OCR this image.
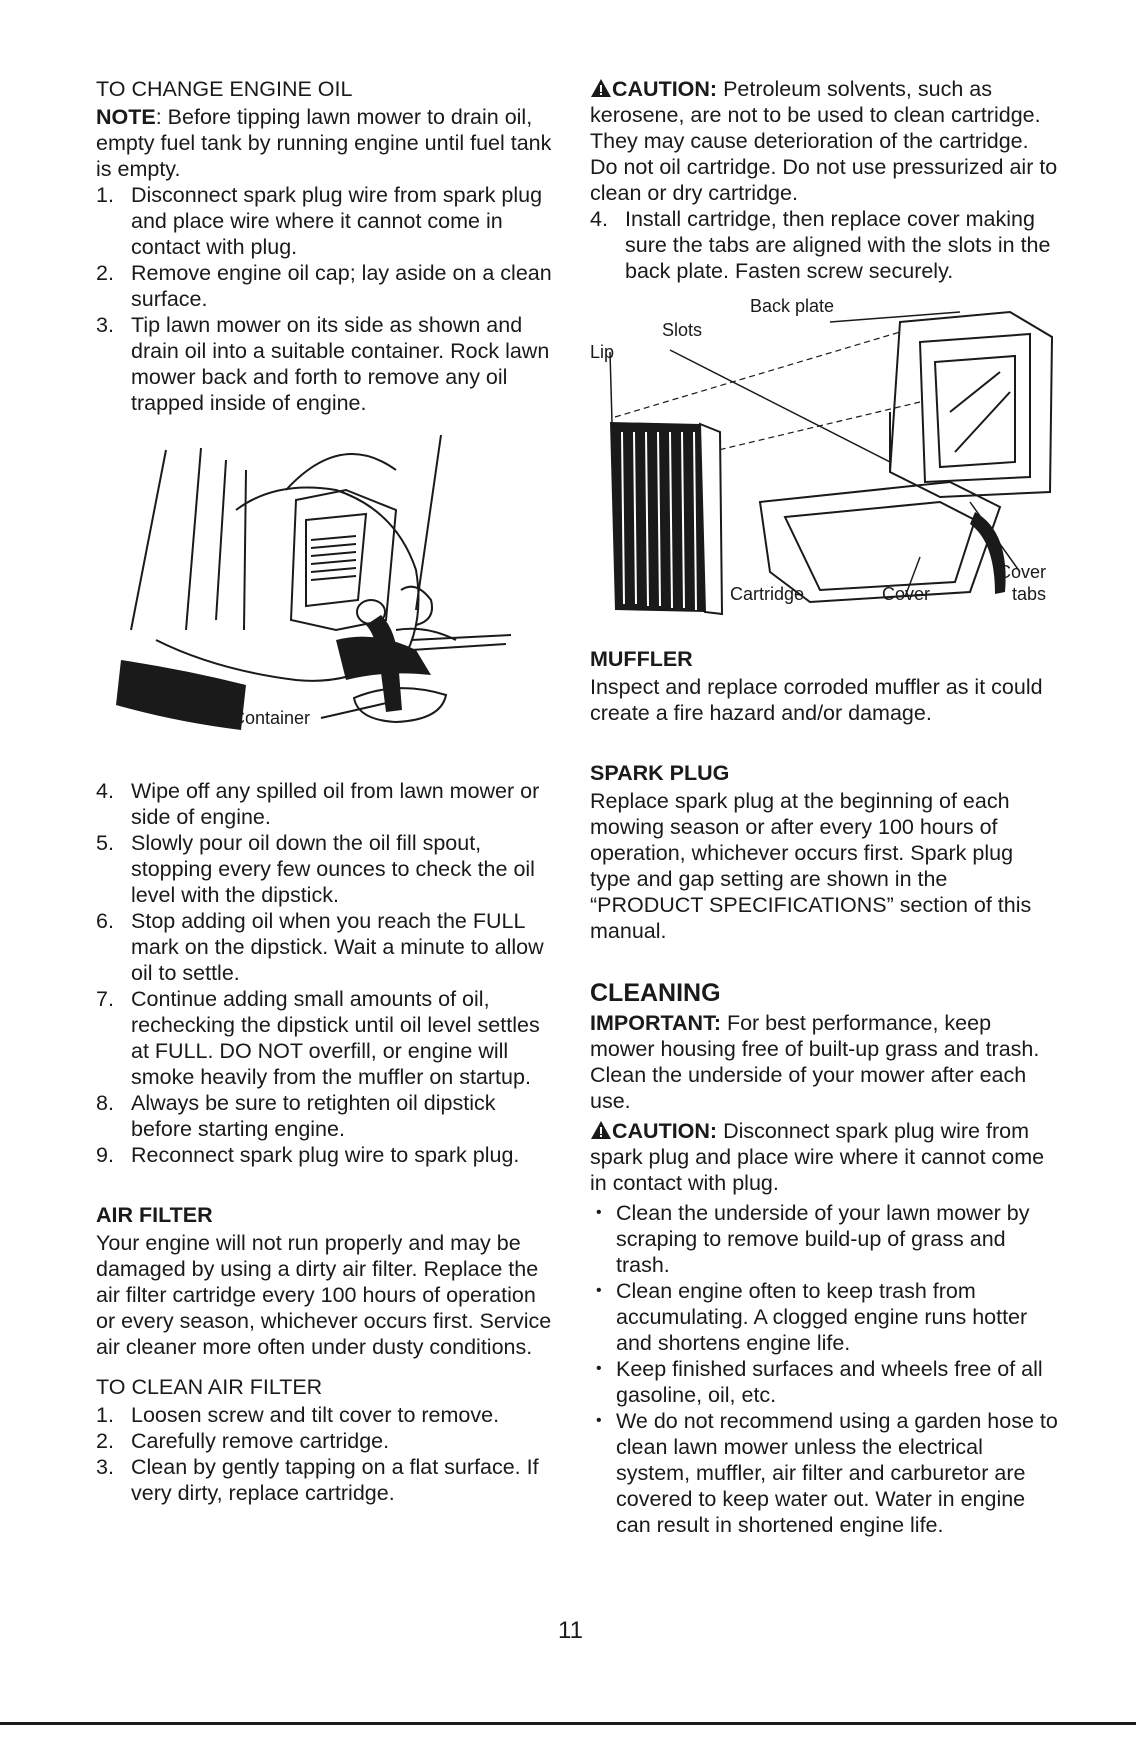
TO CHANGE ENGINE OIL

NOTE: Before tipping lawn mower to drain oil, empty fuel tank by running engine until fuel tank is empty.

1. Disconnect spark plug wire from spark plug and place wire where it cannot come in contact with plug.
2. Remove engine oil cap; lay aside on a clean surface.
3. Tip lawn mower on its side as shown and drain oil into a suitable container. Rock lawn mower back and forth to remove any oil trapped inside of engine.
Container
4. Wipe off any spilled oil from lawn mower or side of engine.
5. Slowly pour oil down the oil fill spout, stopping every few ounces to check the oil level with the dipstick.
6. Stop adding oil when you reach the FULL mark on the dipstick. Wait a minute to allow oil to settle.
7. Continue adding small amounts of oil, rechecking the dipstick until oil level settles at FULL. DO NOT overfill, or engine will smoke heavily from the muffler on startup.
8. Always be sure to retighten oil dipstick before starting engine.
9. Reconnect spark plug wire to spark plug.

AIR FILTER

Your engine will not run properly and may be damaged by using a dirty air filter. Replace the air filter cartridge every 100 hours of operation or every season, whichever occurs first. Service air cleaner more often under dusty conditions.

TO CLEAN AIR FILTER

1. Loosen screw and tilt cover to remove.
2. Carefully remove cartridge.
3. Clean by gently tapping on a flat surface. If very dirty, replace cartridge.

CAUTION: Petroleum solvents, such as kerosene, are not to be used to clean cartridge. They may cause deterioration of the cartridge. Do not oil cartridge. Do not use pressurized air to clean or dry cartridge.

4. Install cartridge, then replace cover making sure the tabs are aligned with the slots in the back plate. Fasten screw securely.
Back plate
Slots
Lip
Cartridge	Cover
Cover
tabs

MUFFLER

Inspect and replace corroded muffler as it could create a fire hazard and/or damage.

SPARK PLUG

Replace spark plug at the beginning of each mowing season or after every 100 hours of operation, whichever occurs first. Spark plug type and gap setting are shown in the “PRODUCT SPECIFICATIONS” section of this manual.

CLEANING

IMPORTANT: For best performance, keep mower housing free of built-up grass and trash. Clean the underside of your mower after each use.

CAUTION: Disconnect spark plug wire from spark plug and place wire where it cannot come in contact with plug.

• Clean the underside of your lawn mower by scraping to remove build-up of grass and trash.
• Clean engine often to keep trash from accumulating. A clogged engine runs hotter and shortens engine life.
• Keep finished surfaces and wheels free of all gasoline, oil, etc.
• We do not recommend using a garden hose to clean lawn mower unless the electrical system, muffler, air filter and carburetor are covered to keep water out. Water in engine can result in shortened engine life.
11
